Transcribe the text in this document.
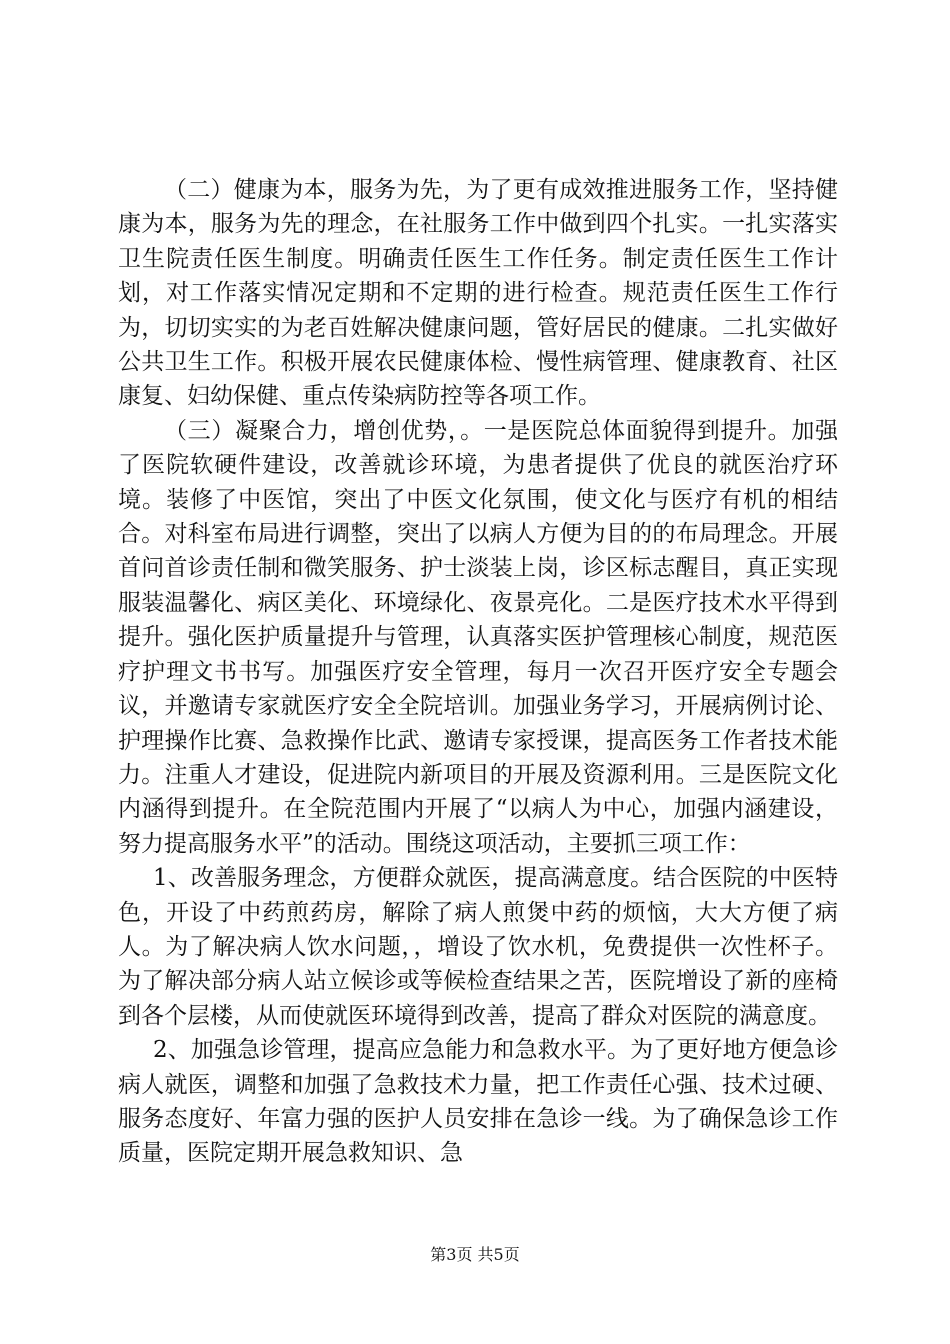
（二）健康为本，服务为先，为了更有成效推进服务工作，坚持健康为本，服务为先的理念，在社服务工作中做到四个扎实。一扎实落实卫生院责任医生制度。明确责任医生工作任务。制定责任医生工作计划，对工作落实情况定期和不定期的进行检查。规范责任医生工作行为，切切实实的为老百姓解决健康问题，管好居民的健康。二扎实做好公共卫生工作。积极开展农民健康体检、慢性病管理、健康教育、社区康复、妇幼保健、重点传染病防控等各项工作。

（三）凝聚合力，增创优势，。一是医院总体面貌得到提升。加强了医院软硬件建设，改善就诊环境，为患者提供了优良的就医治疗环境。装修了中医馆，突出了中医文化氛围，使文化与医疗有机的相结合。对科室布局进行调整，突出了以病人方便为目的的布局理念。开展首问首诊责任制和微笑服务、护士淡装上岗，诊区标志醒目，真正实现服装温馨化、病区美化、环境绿化、夜景亮化。二是医疗技术水平得到提升。强化医护质量提升与管理，认真落实医护管理核心制度，规范医疗护理文书书写。加强医疗安全管理，每月一次召开医疗安全专题会议，并邀请专家就医疗安全全院培训。加强业务学习，开展病例讨论、护理操作比赛、急救操作比武、邀请专家授课，提高医务工作者技术能力。注重人才建设，促进院内新项目的开展及资源利用。三是医院文化内涵得到提升。在全院范围内开展了“以病人为中心，加强内涵建设，努力提高服务水平”的活动。围绕这项活动，主要抓三项工作：

1、改善服务理念，方便群众就医，提高满意度。结合医院的中医特色，开设了中药煎药房，解除了病人煎煲中药的烦恼，大大方便了病人。为了解决病人饮水问题，，增设了饮水机，免费提供一次性杯子。为了解决部分病人站立候诊或等候检查结果之苦，医院增设了新的座椅到各个层楼，从而使就医环境得到改善，提高了群众对医院的满意度。

2、加强急诊管理，提高应急能力和急救水平。为了更好地方便急诊病人就医，调整和加强了急救技术力量，把工作责任心强、技术过硬、服务态度好、年富力强的医护人员安排在急诊一线。为了确保急诊工作质量，医院定期开展急救知识、急

第3页 共5页
